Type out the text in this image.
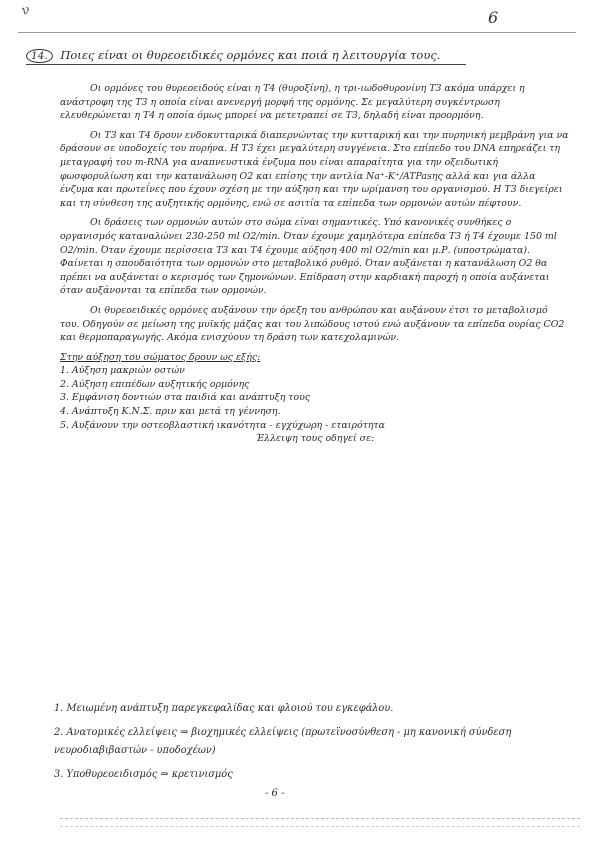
ν	6
14. Ποιες είναι οι θυρεοειδικές ορμόνες και ποιά η λειτουργία τους.

Οι ορμόνες του θυρεοειδούς είναι η Τ4 (θυροξίνη), η τρι-ιωδοθυρονίνη Τ3 ακόμα υπάρχει η ανάστροφη της Τ3 η οποία είναι ανενεργή μορφή της ορμόνης. Σε μεγαλύτερη συγκέντρωση ελευθερώνεται η Τ4 η οποία όμως μπορεί να μετετραπεί σε Τ3, δηλαδή είναι προορμόνη.

Οι Τ3 και Τ4 δρουν ενδοκυτταρικά διαπερνώντας την κυτταρική και την πυρηνική μεμβράνη για να δράσουν σε υποδοχείς του πυρήνα. Η Τ3 έχει μεγαλύτερη συγγένεια. Στο επίπεδο του DNA επηρεάζει τη μεταγραφή του m-RNA για αναπνευστικά ένζυμα που είναι απαραίτητα για την οξειδωτική φωσφορυλίωση και την κατανάλωση Ο2 και επίσης την αντλία Na⁺-K⁺/ATPasης αλλά και για άλλα ένζυμα και πρωτεΐνες που έχουν σχέση με την αύξηση και την ωρίμανση του οργανισμού. Η Τ3 διεγείρει και τη σύνθεση της αυξητικής ορμόνης, ενώ σε ασιτία τα επίπεδα των ορμονών αυτών πέφτουν.

Οι δράσεις των ορμονών αυτών στο σώμα είναι σημαντικές. Υπό κανονικές συνθήκες ο οργανισμός καταναλώνει 230-250 ml O2/min. Όταν έχουμε χαμηλότερα επίπεδα Τ3 ή Τ4 έχουμε 150 ml O2/min. Όταν έχουμε περίσσεια Τ3 και Τ4 έχουμε αύξηση 400 ml O2/min και μ.Ρ. (υποστρώματα). Φαίνεται η σπουδαιότητα των ορμονών στο μεταβολικό ρυθμό. Όταν αυξάνεται η κατανάλωση Ο2 θα πρέπει να αυξάνεται ο κερισμός των ζημονώνων. Επίδραση στην καρδιακή παροχή η οποία αυξάνεται όταν αυξάνονται τα επίπεδα των ορμονών.

Οι θυρεοειδικές ορμόνες αυξάνουν την όρεξη του ανθρώπου και αυξάνουν έτσι το μεταβολισμό του. Οδηγούν σε μείωση της μυϊκής μάζας και του λιπώδους ιστού ενώ αυξάνουν τα επίπεδα ουρίας CO2 και θερμοπαραγωγής. Ακόμα ενισχύουν τη δράση των κατεχολαμινών.

Στην αύξηση του σώματος δρουν ως εξής:
1. Αύξηση μακριών οστών
2. Αύξηση επιπέδων αυξητικής ορμόνης
3. Εμφάνιση δοντιών στα παιδιά και ανάπτυξη τους
4. Ανάπτυξη Κ.Ν.Σ. πριν και μετά τη γέννηση.
5. Αυξάνουν την οστεοβλαστική ικανότητα - εγχύχωρη - εταιρότητα
Έλλειψη τους οδηγεί σε:
1. Μειωμένη ανάπτυξη παρεγκεφαλίδας και φλοιού του εγκεφάλου.
2. Ανατομικές ελλείψεις ⇒ βιοχημικές ελλείψεις (πρωτεϊνοσύνθεση - μη κανονική σύνδεση νευροδιαβιβαστών - υποδοχέων)
3. Υποθυρεοειδισμός ⇒ κρετινισμός
- 6 -
